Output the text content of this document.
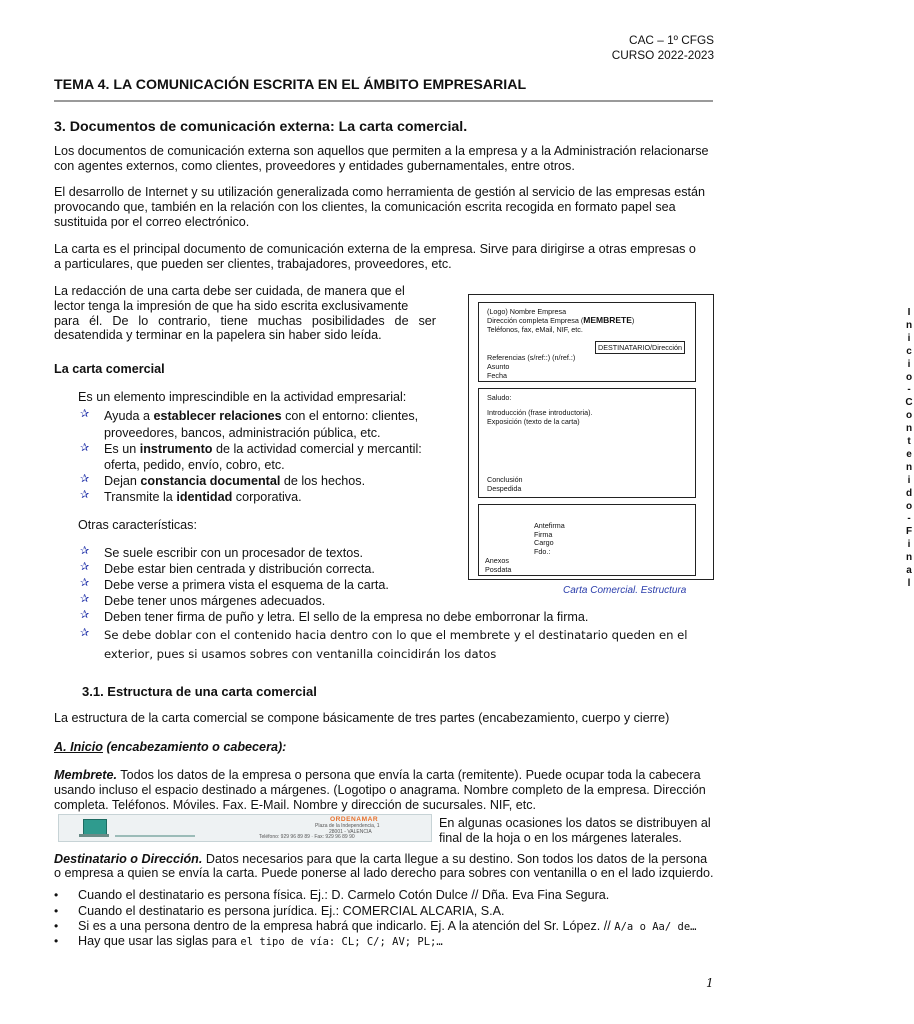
CAC – 1º CFGS
CURSO 2022-2023
TEMA 4. LA COMUNICACIÓN ESCRITA EN EL ÁMBITO EMPRESARIAL
3. Documentos de comunicación externa: La carta comercial.

Los documentos de comunicación externa son aquellos que permiten a la empresa y a la Administración relacionarse

con agentes externos, como clientes, proveedores y entidades gubernamentales, entre otros.

El desarrollo de Internet y su utilización generalizada como herramienta de gestión al servicio de las empresas están

provocando que, también en la relación con los clientes, la comunicación escrita recogida en formato papel sea

sustituida por el correo electrónico.

La carta es el principal documento de comunicación externa de la empresa. Sirve para dirigirse a otras empresas o

a particulares, que pueden ser clientes, trabajadores, proveedores, etc.

La redacción de una carta debe ser cuidada, de manera que el

lector tenga la impresión de que ha sido escrita exclusivamente

para él. De lo contrario, tiene muchas posibilidades de ser

desatendida y terminar en la papelera sin haber sido leída.

La carta comercial
Es un elemento imprescindible en la actividad empresarial:
✰ Ayuda a establecer relaciones con el entorno: clientes,
proveedores, bancos, administración pública, etc.
✰ Es un instrumento de la actividad comercial y mercantil:
oferta, pedido, envío, cobro, etc.
✰ Dejan constancia documental de los hechos.
✰ Transmite la identidad corporativa.
Otras características:
✰ Se suele escribir con un procesador de textos.
✰ Debe estar bien centrada y distribución correcta.
✰ Debe verse a primera vista el esquema de la carta.
✰ Debe tener unos márgenes adecuados.
✰ Deben tener firma de puño y letra. El sello de la empresa no debe emborronar la firma.
✰ Se debe doblar con el contenido hacia dentro con lo que el membrete y el destinatario queden en el
exterior, pues si usamos sobres con ventanilla coincidirán los datos
I
n
i
c
i
o
-
C
o
n
t
e
n
i
d
o
-
F
i
n
a
l
(Logo) Nombre Empresa
Dirección completa Empresa (MEMBRETE)
Teléfonos, fax, eMail, NIF, etc.
DESTINATARIO/Dirección
Referencias (s/ref::) (n/ref.:)
Asunto
Fecha
Saludo:
Introducción (frase introductoria).
Exposición (texto de la carta)
Conclusión
Despedida
Antefirma
Firma
Cargo
Fdo.:
Anexos
Posdata
Carta Comercial. Estructura
3.1. Estructura de una carta comercial

La estructura de la carta comercial se compone básicamente de tres partes (encabezamiento, cuerpo y cierre)

A. Inicio (encabezamiento o cabecera):

Membrete. Todos los datos de la empresa o persona que envía la carta (remitente). Puede ocupar toda la cabecera

usando incluso el espacio destinado a márgenes. (Logotipo o anagrama. Nombre completo de la empresa. Dirección

completa. Teléfonos. Móviles. Fax. E-Mail. Nombre y dirección de sucursales. NIF, etc.

ORDENAMAR
Plaza de la Independencia, 1
28001 - VALENCIA
Teléfono: 929 96 89 89 · Fax: 929 96 89 90

En algunas ocasiones los datos se distribuyen al

final de la hoja o en los márgenes laterales.

Destinatario o Dirección. Datos necesarios para que la carta llegue a su destino. Son todos los datos de la persona

o empresa a quien se envía la carta. Puede ponerse al lado derecho para sobres con ventanilla o en el lado izquierdo.

• Cuando el destinatario es persona física. Ej.: D. Carmelo Cotón Dulce // Dña. Eva Fina Segura.
• Cuando el destinatario es persona jurídica. Ej.: COMERCIAL ALCARIA, S.A.
• Si es a una persona dentro de la empresa habrá que indicarlo. Ej. A la atención del Sr. López. // A/a o Aa/ de…
• Hay que usar las siglas para el tipo de vía: CL; C/; AV; PL;…
1
